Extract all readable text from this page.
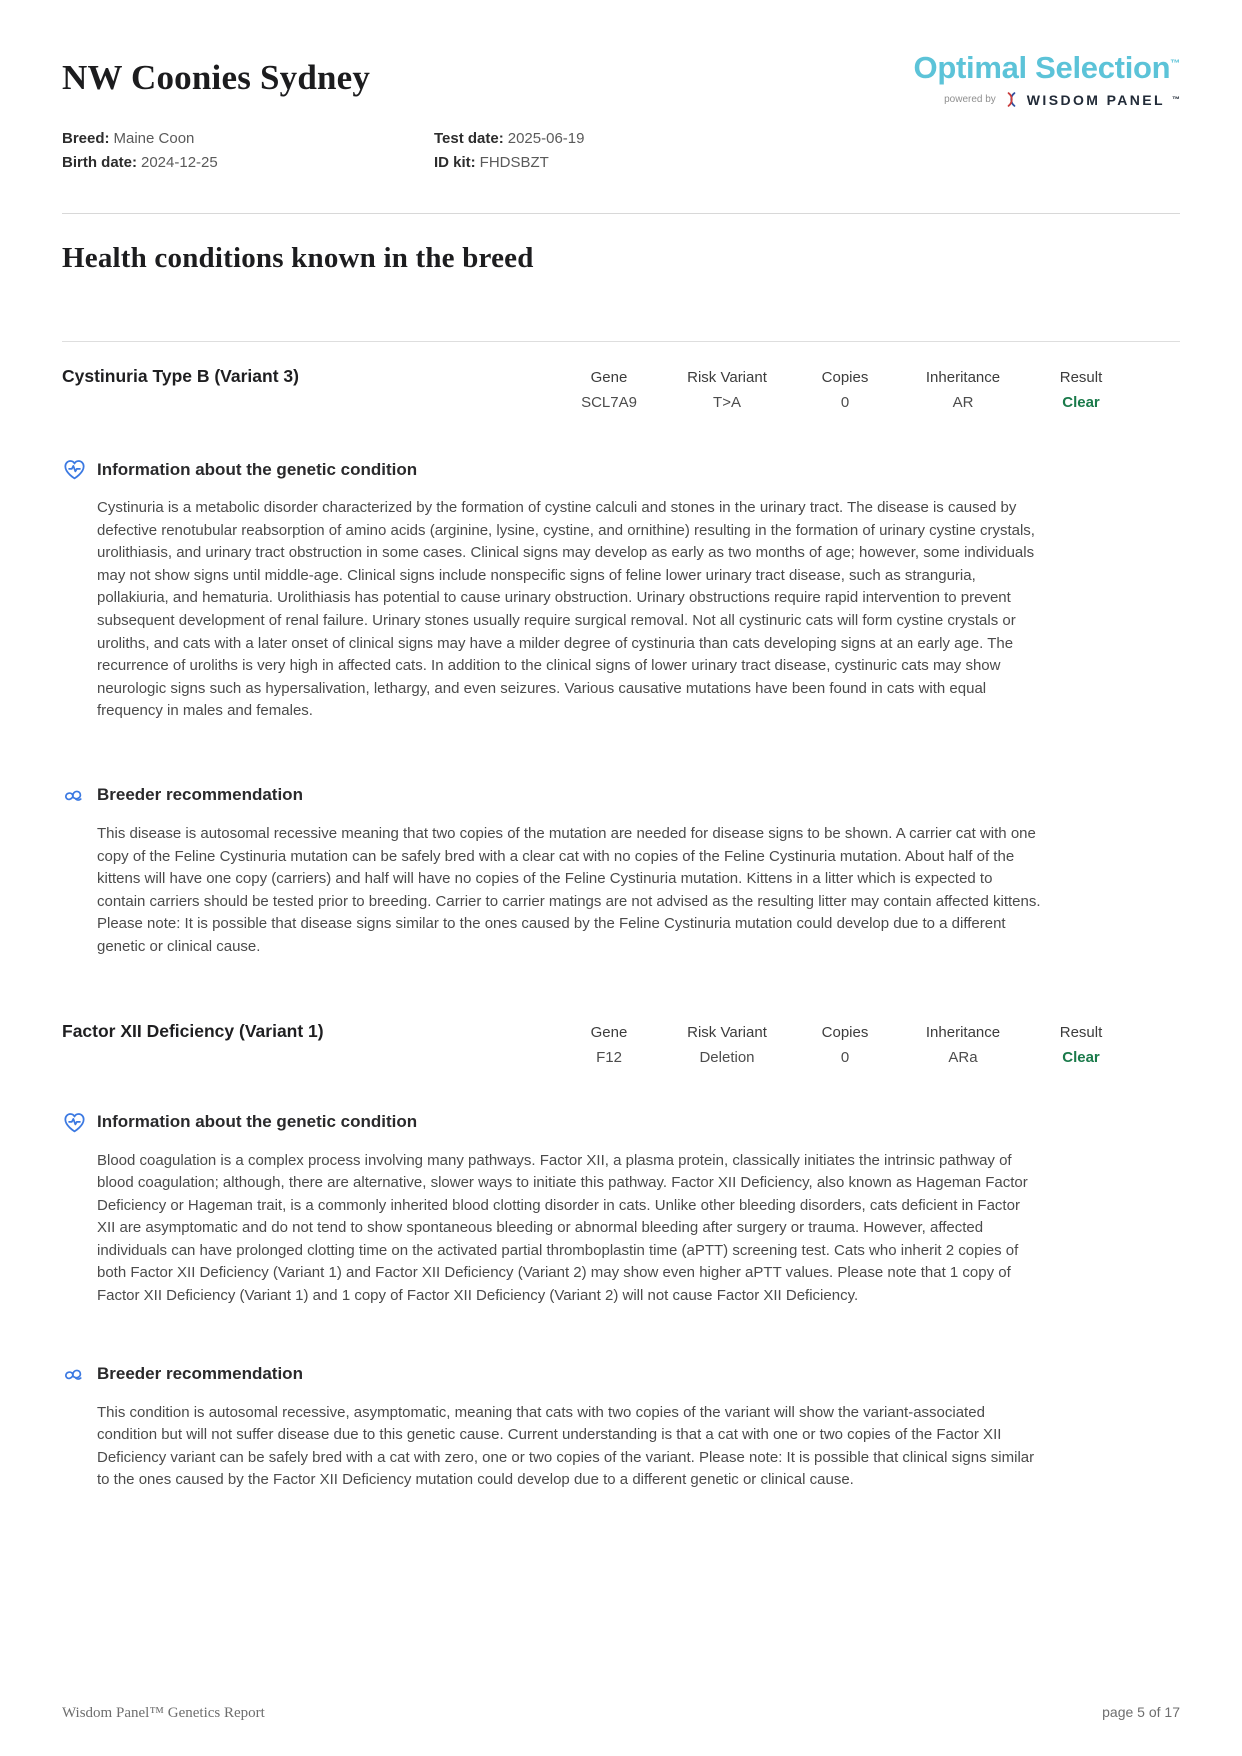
NW Coonies Sydney	Optimal Selection™
powered by WISDOM PANEL ™
Breed: Maine Coon	Test date: 2025-06-19
Birth date: 2024-12-25	ID kit: FHDSBZT
Health conditions known in the breed
Cystinuria Type B (Variant 3)	Gene	Risk Variant	Copies	Inheritance	Result
SCL7A9	T>A	0	AR	Clear
Information about the genetic condition

Cystinuria is a metabolic disorder characterized by the formation of cystine calculi and stones in the urinary tract. The disease is caused by defective renotubular reabsorption of amino acids (arginine, lysine, cystine, and ornithine) resulting in the formation of urinary cystine crystals, urolithiasis, and urinary tract obstruction in some cases. Clinical signs may develop as early as two months of age; however, some individuals may not show signs until middle-age. Clinical signs include nonspecific signs of feline lower urinary tract disease, such as stranguria, pollakiuria, and hematuria. Urolithiasis has potential to cause urinary obstruction. Urinary obstructions require rapid intervention to prevent subsequent development of renal failure. Urinary stones usually require surgical removal. Not all cystinuric cats will form cystine crystals or uroliths, and cats with a later onset of clinical signs may have a milder degree of cystinuria than cats developing signs at an early age. The recurrence of uroliths is very high in affected cats. In addition to the clinical signs of lower urinary tract disease, cystinuric cats may show neurologic signs such as hypersalivation, lethargy, and even seizures. Various causative mutations have been found in cats with equal frequency in males and females.

Breeder recommendation

This disease is autosomal recessive meaning that two copies of the mutation are needed for disease signs to be shown. A carrier cat with one copy of the Feline Cystinuria mutation can be safely bred with a clear cat with no copies of the Feline Cystinuria mutation. About half of the kittens will have one copy (carriers) and half will have no copies of the Feline Cystinuria mutation. Kittens in a litter which is expected to contain carriers should be tested prior to breeding. Carrier to carrier matings are not advised as the resulting litter may contain affected kittens. Please note: It is possible that disease signs similar to the ones caused by the Feline Cystinuria mutation could develop due to a different genetic or clinical cause.

Factor XII Deficiency (Variant 1)	Gene	Risk Variant	Copies	Inheritance	Result
F12	Deletion	0	ARa	Clear
Information about the genetic condition

Blood coagulation is a complex process involving many pathways. Factor XII, a plasma protein, classically initiates the intrinsic pathway of blood coagulation; although, there are alternative, slower ways to initiate this pathway. Factor XII Deficiency, also known as Hageman Factor Deficiency or Hageman trait, is a commonly inherited blood clotting disorder in cats. Unlike other bleeding disorders, cats deficient in Factor XII are asymptomatic and do not tend to show spontaneous bleeding or abnormal bleeding after surgery or trauma. However, affected individuals can have prolonged clotting time on the activated partial thromboplastin time (aPTT) screening test. Cats who inherit 2 copies of both Factor XII Deficiency (Variant 1) and Factor XII Deficiency (Variant 2) may show even higher aPTT values. Please note that 1 copy of Factor XII Deficiency (Variant 1) and 1 copy of Factor XII Deficiency (Variant 2) will not cause Factor XII Deficiency.

Breeder recommendation

This condition is autosomal recessive, asymptomatic, meaning that cats with two copies of the variant will show the variant-associated condition but will not suffer disease due to this genetic cause. Current understanding is that a cat with one or two copies of the Factor XII Deficiency variant can be safely bred with a cat with zero, one or two copies of the variant. Please note: It is possible that clinical signs similar to the ones caused by the Factor XII Deficiency mutation could develop due to a different genetic or clinical cause.

Wisdom Panel™ Genetics Report	page 5 of 17
